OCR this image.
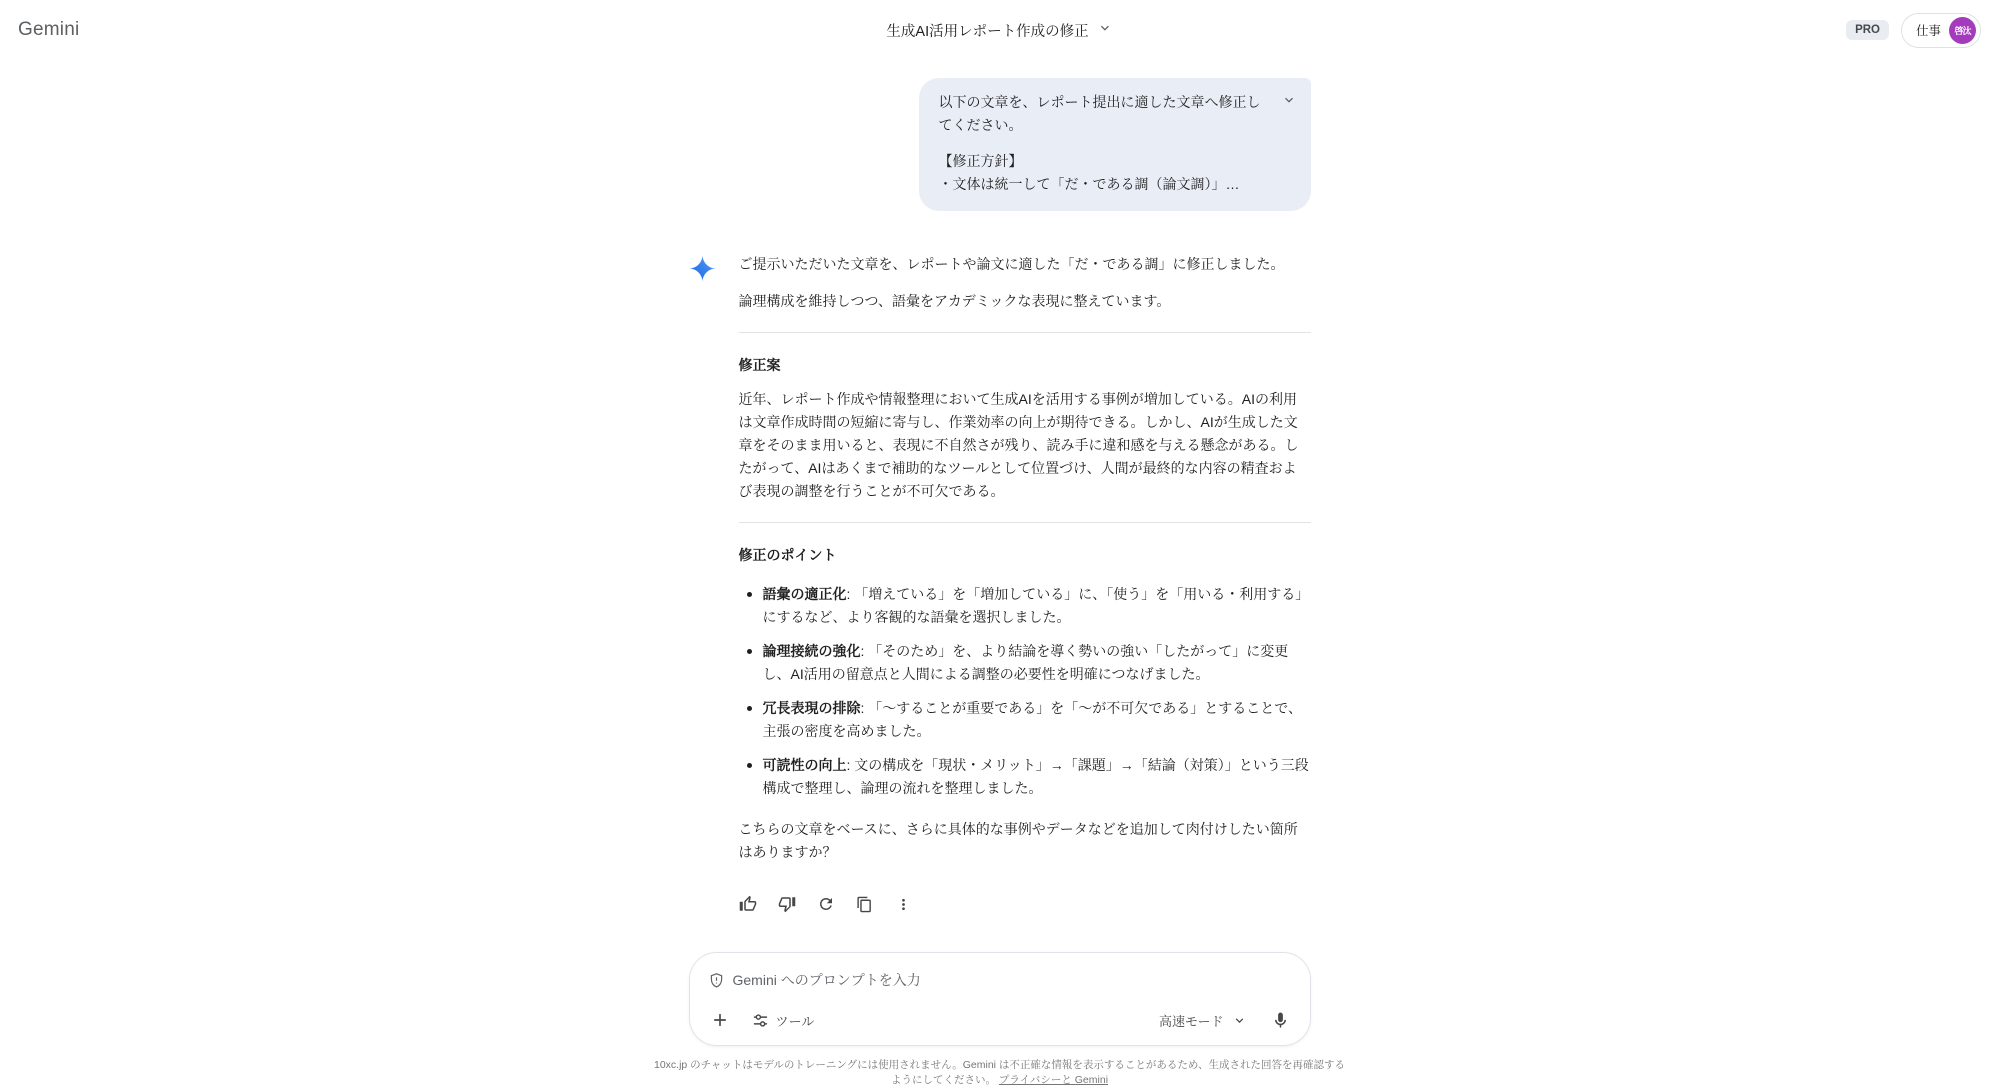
Gemini	生成AI活用レポート作成の修正	PRO	仕事	啓汰
以下の文章を、レポート提出に適した文章へ修正してください。
【修正方針】
・文体は統一して「だ・である調（論文調）」…

ご提示いただいた文章を、レポートや論文に適した「だ・である調」に修正しました。

論理構成を維持しつつ、語彙をアカデミックな表現に整えています。

修正案

近年、レポート作成や情報整理において生成AIを活用する事例が増加している。AIの利用は文章作成時間の短縮に寄与し、作業効率の向上が期待できる。しかし、AIが生成した文章をそのまま用いると、表現に不自然さが残り、読み手に違和感を与える懸念がある。したがって、AIはあくまで補助的なツールとして位置づけ、人間が最終的な内容の精査および表現の調整を行うことが不可欠である。

修正のポイント
語彙の適正化: 「増えている」を「増加している」に、「使う」を「用いる・利用する」にするなど、より客観的な語彙を選択しました。
論理接続の強化: 「そのため」を、より結論を導く勢いの強い「したがって」に変更し、AI活用の留意点と人間による調整の必要性を明確につなげました。
冗長表現の排除: 「〜することが重要である」を「〜が不可欠である」とすることで、主張の密度を高めました。
可読性の向上: 文の構成を「現状・メリット」→「課題」→「結論（対策）」という三段構成で整理し、論理の流れを整理しました。

こちらの文章をベースに、さらに具体的な事例やデータなどを追加して肉付けしたい箇所はありますか？

Gemini へのプロンプトを入力
ツール	高速モード
10xc.jp のチャットはモデルのトレーニングには使用されません。Gemini は不正確な情報を表示することがあるため、生成された回答を再確認するようにしてください。 プライバシーと Gemini
